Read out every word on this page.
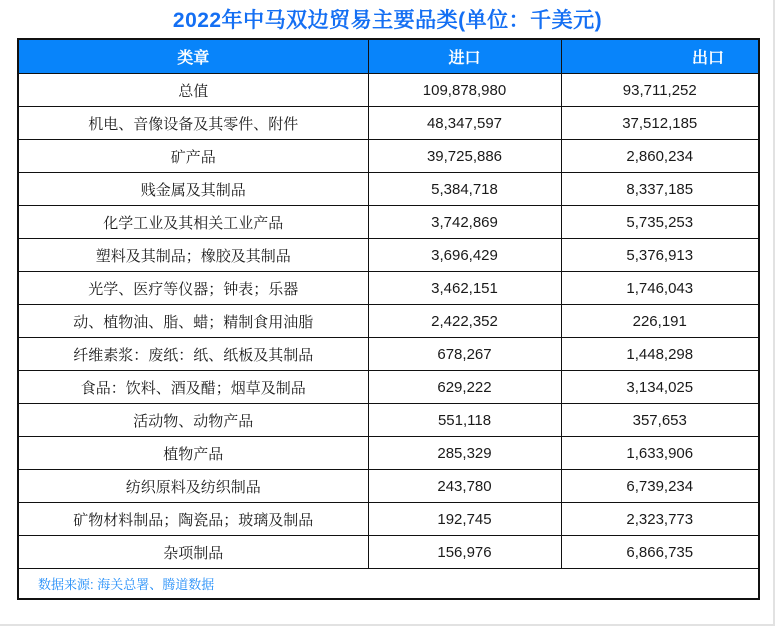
2022年中马双边贸易主要品类(单位：千美元)
类章	进口	出口
总值	109,878,980	93,711,252
机电、音像设备及其零件、附件	48,347,597	37,512,185
矿产品	39,725,886	2,860,234
贱金属及其制品	5,384,718	8,337,185
化学工业及其相关工业产品	3,742,869	5,735,253
塑料及其制品；橡胶及其制品	3,696,429	5,376,913
光学、医疗等仪器；钟表；乐器	3,462,151	1,746,043
动、植物油、脂、蜡；精制食用油脂	2,422,352	226,191
纤维素浆：废纸：纸、纸板及其制品	678,267	1,448,298
食品：饮料、酒及醋；烟草及制品	629,222	3,134,025
活动物、动物产品	551,118	357,653
植物产品	285,329	1,633,906
纺织原料及纺织制品	243,780	6,739,234
矿物材料制品；陶瓷品；玻璃及制品	192,745	2,323,773
杂项制品	156,976	6,866,735
数据来源: 海关总署、腾道数据		
